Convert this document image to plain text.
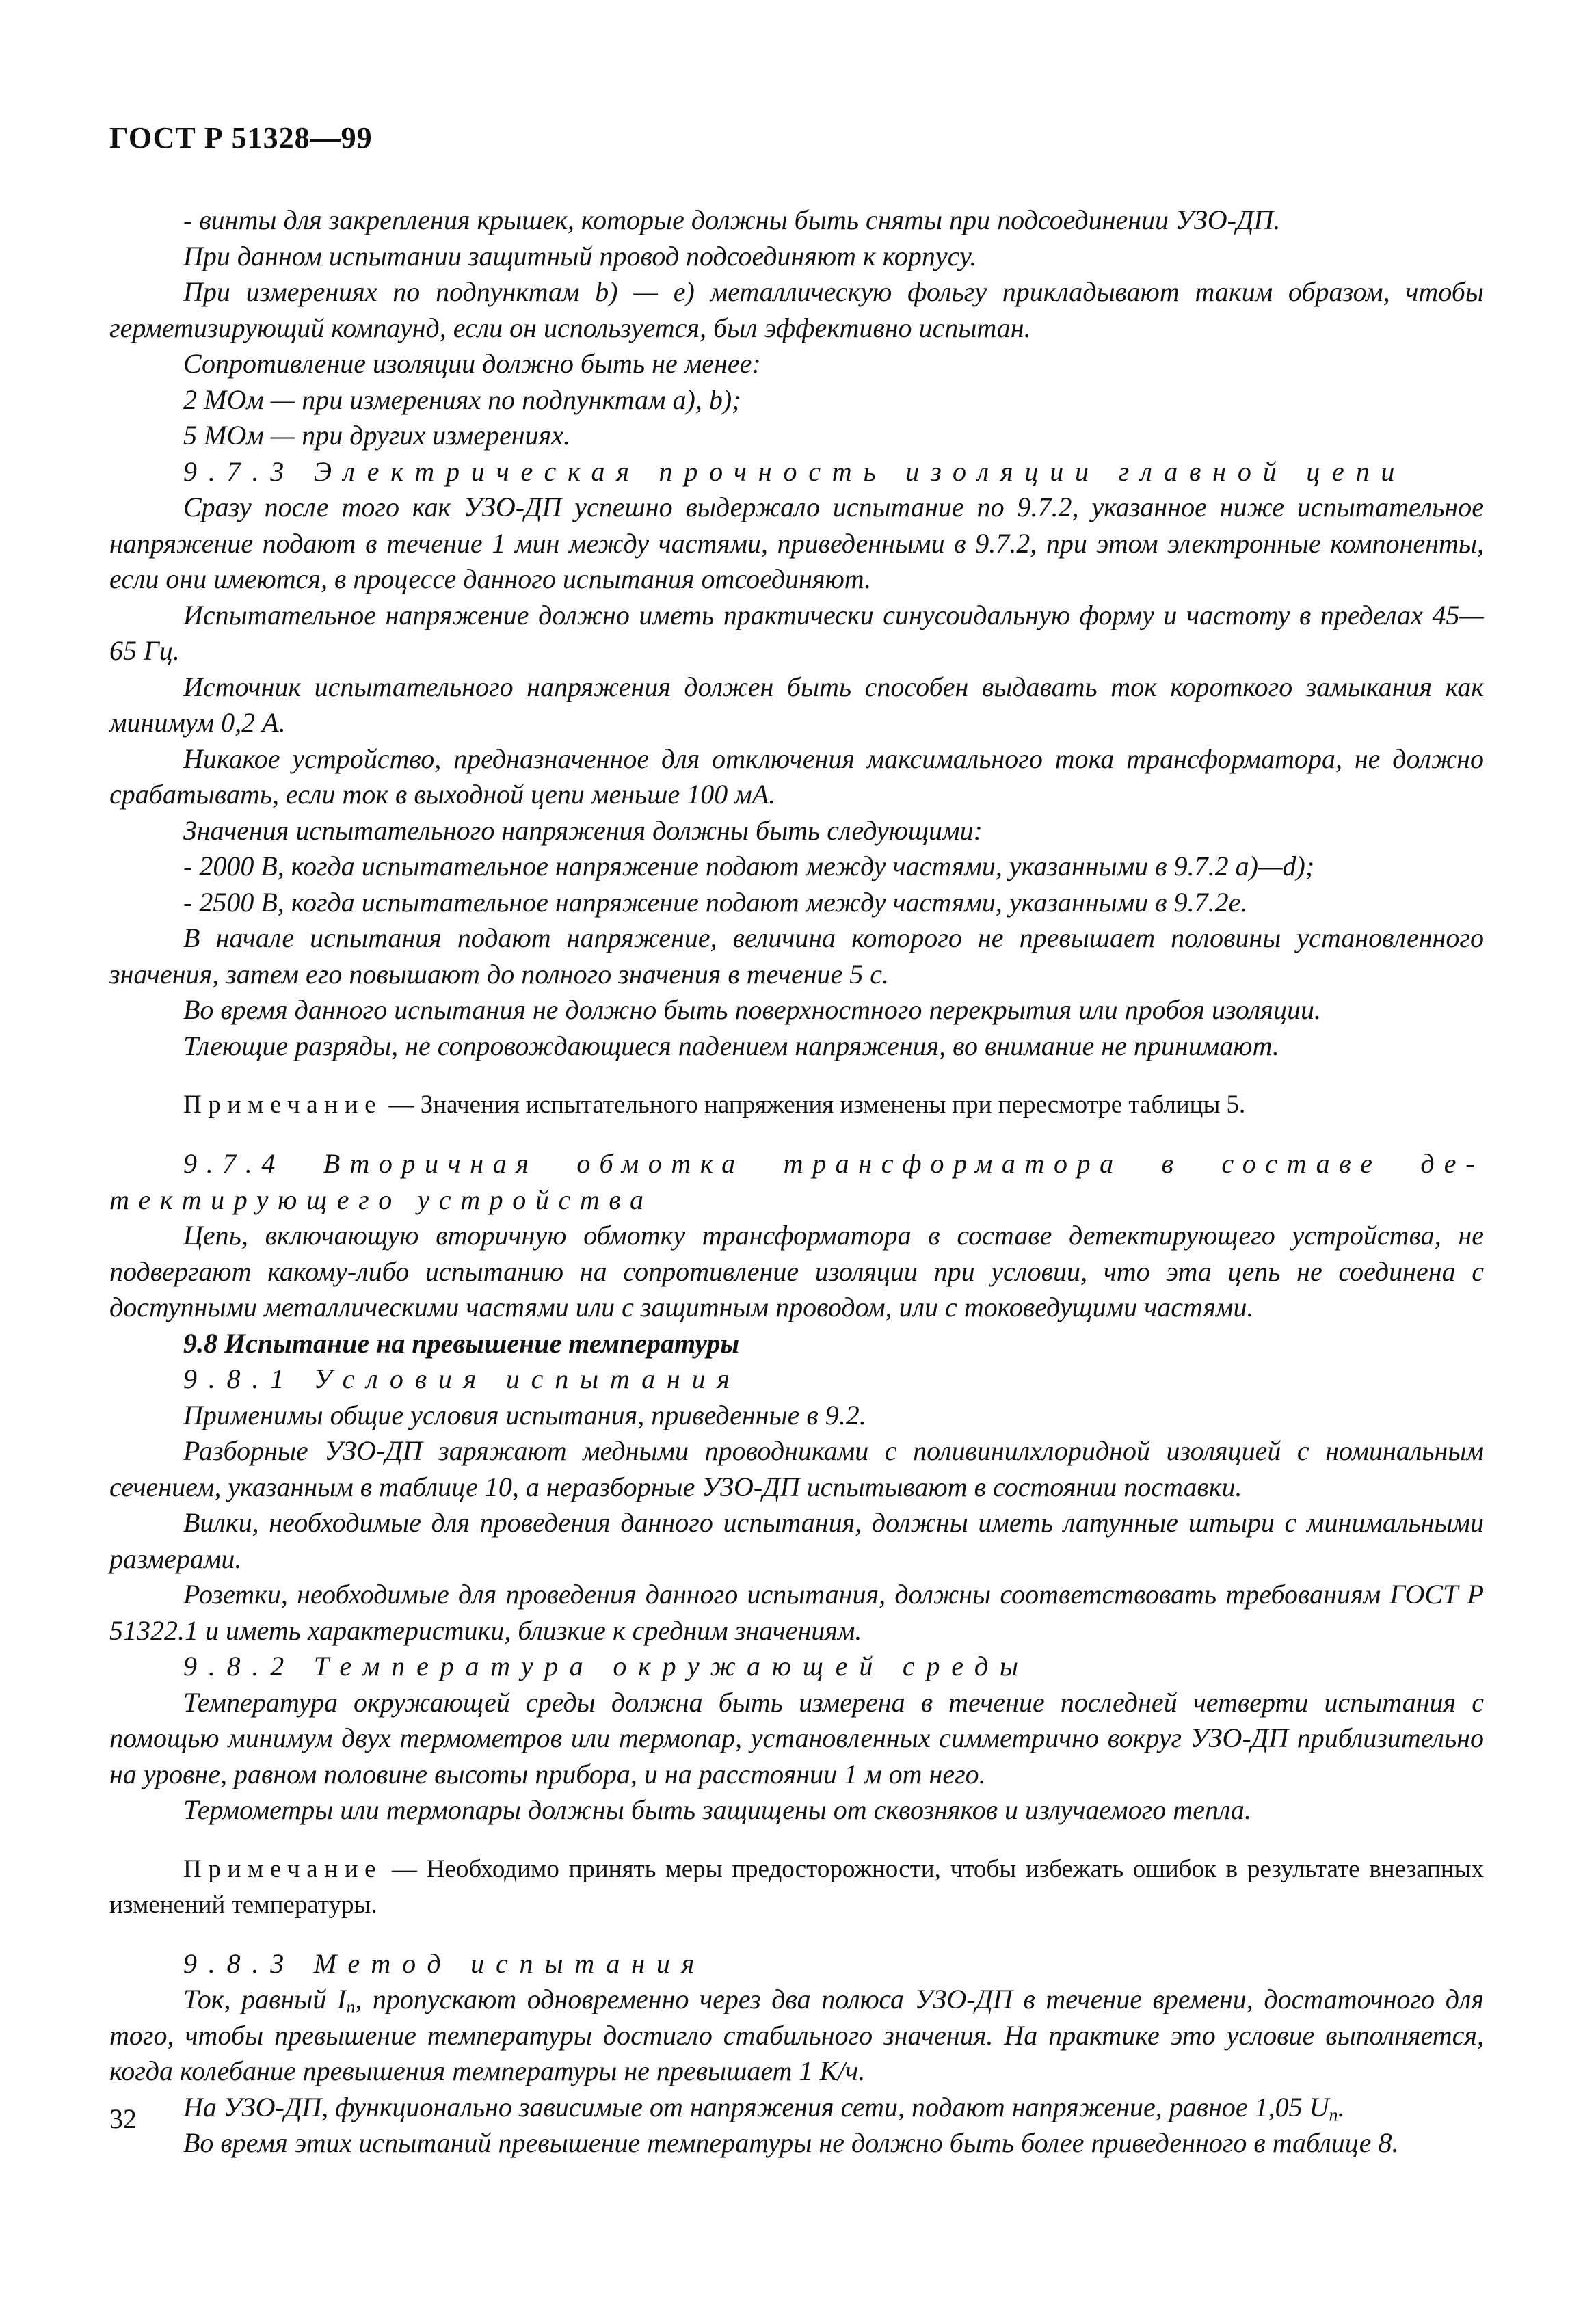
ГОСТ Р 51328—99

- винты для закрепления крышек, которые должны быть сняты при подсоединении УЗО-ДП.

При данном испытании защитный провод подсоединяют к корпусу.

При измерениях по подпунктам b) — e) металлическую фольгу прикладывают таким образом, чтобы герметизирующий компаунд, если он используется, был эффективно испытан.

Сопротивление изоляции должно быть не менее:

2 МОм — при измерениях по подпунктам a), b);

5 МОм — при других измерениях.

9.7.3 Электрическая прочность изоляции главной цепи

Сразу после того как УЗО-ДП успешно выдержало испытание по 9.7.2, указанное ниже испытательное напряжение подают в течение 1 мин между частями, приведенными в 9.7.2, при этом электронные компоненты, если они имеются, в процессе данного испытания отсоединяют.

Испытательное напряжение должно иметь практически синусоидальную форму и частоту в пределах 45—65 Гц.

Источник испытательного напряжения должен быть способен выдавать ток короткого замыкания как минимум 0,2 А.

Никакое устройство, предназначенное для отключения максимального тока трансформатора, не должно срабатывать, если ток в выходной цепи меньше 100 мА.

Значения испытательного напряжения должны быть следующими:

- 2000 В, когда испытательное напряжение подают между частями, указанными в 9.7.2 a)—d);

- 2500 В, когда испытательное напряжение подают между частями, указанными в 9.7.2e.

В начале испытания подают напряжение, величина которого не превышает половины установленного значения, затем его повышают до полного значения в течение 5 с.

Во время данного испытания не должно быть поверхностного перекрытия или пробоя изоляции.

Тлеющие разряды, не сопровождающиеся падением напряжения, во внимание не принимают.

Примечание — Значения испытательного напряжения изменены при пересмотре таблицы 5.

9.7.4 Вторичная обмотка трансформатора в составе де-

тектирующего устройства

Цепь, включающую вторичную обмотку трансформатора в составе детектирующего устройства, не подвергают какому-либо испытанию на сопротивление изоляции при условии, что эта цепь не соединена с доступными металлическими частями или с защитным проводом, или с токоведущими частями.

9.8 Испытание на превышение температуры

9.8.1 Условия испытания

Применимы общие условия испытания, приведенные в 9.2.

Разборные УЗО-ДП заряжают медными проводниками с поливинилхлоридной изоляцией с номинальным сечением, указанным в таблице 10, а неразборные УЗО-ДП испытывают в состоянии поставки.

Вилки, необходимые для проведения данного испытания, должны иметь латунные штыри с минимальными размерами.

Розетки, необходимые для проведения данного испытания, должны соответствовать требованиям ГОСТ Р 51322.1 и иметь характеристики, близкие к средним значениям.

9.8.2 Температура окружающей среды

Температура окружающей среды должна быть измерена в течение последней четверти испытания с помощью минимум двух термометров или термопар, установленных симметрично вокруг УЗО-ДП приблизительно на уровне, равном половине высоты прибора, и на расстоянии 1 м от него.

Термометры или термопары должны быть защищены от сквозняков и излучаемого тепла.

Примечание — Необходимо принять меры предосторожности, чтобы избежать ошибок в результате внезапных изменений температуры.

9.8.3 Метод испытания

Ток, равный $I_n$, пропускают одновременно через два полюса УЗО-ДП в течение времени, достаточного для того, чтобы превышение температуры достигло стабильного значения. На практике это условие выполняется, когда колебание превышения температуры не превышает 1 К/ч.

На УЗО-ДП, функционально зависимые от напряжения сети, подают напряжение, равное 1,05 $U_n$.

Во время этих испытаний превышение температуры не должно быть более приведенного в таблице 8.

32
